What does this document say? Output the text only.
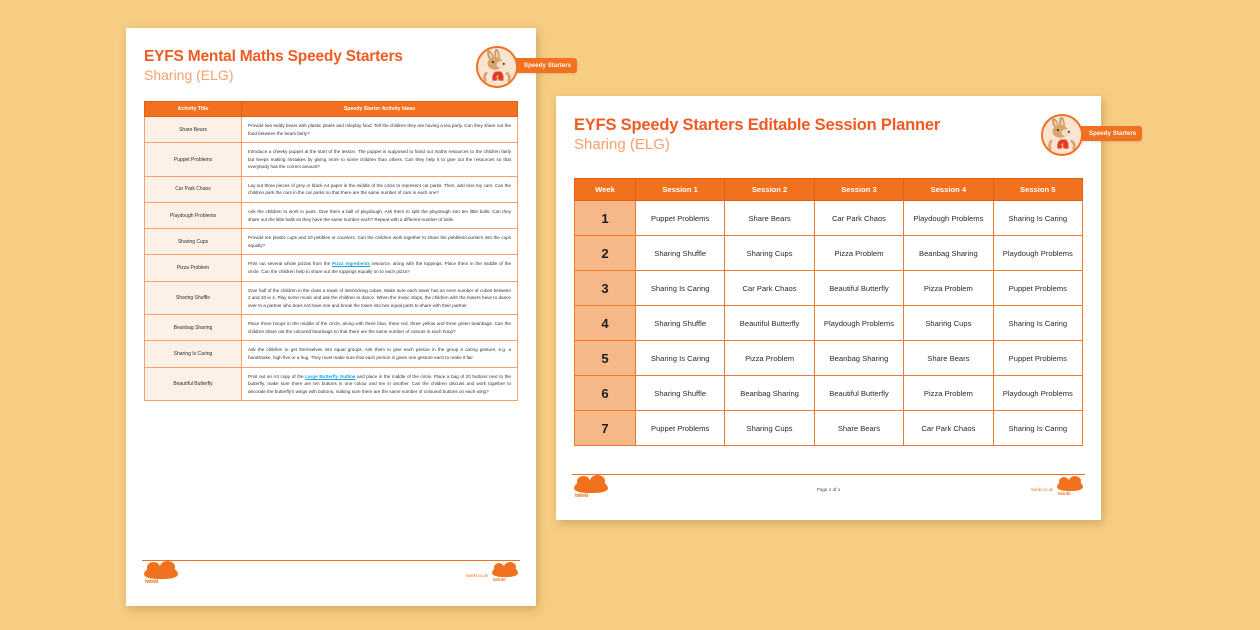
EYFS Mental Maths Speedy Starters
Sharing (ELG)
Speedy Starters
1
Activity Title	Speedy Starter Activity Ideas
Share Bears	Provide two teddy bears with plastic plates and roleplay food. Tell the children they are having a tea party. Can they share out the food between the bears fairly?

Puppet Problems	Introduce a cheeky puppet at the start of the lesson. The puppet is supposed to hand out maths resources to the children fairly but keeps making mistakes by giving more to some children than others. Can they help it to give out the resources so that everybody has the correct amount?

Car Park Chaos	Lay out three pieces of grey or black A4 paper in the middle of the circle to represent car parks. Then, add nine toy cars. Can the children park the cars in the car parks so that there are the same number of cars in each one?

Playdough Problems	Ask the children to work in pairs. Give them a ball of playdough. Ask them to split the playdough into ten little balls. Can they share out the little balls so they have the same number each? Repeat with a different number of balls.

Sharing Cups	Provide ten plastic cups and 20 pebbles or counters. Can the children work together to share the pebbles/counters into the cups equally?

Pizza Problem	Print out several whole pizzas from the Pizza Ingredients resource, along with the toppings. Place them in the middle of the circle. Can the children help to share out the toppings equally on to each pizza?

Sharing Shuffle	Give half of the children in the class a tower of interlocking cubes. Make sure each tower has an even number of cubes between 2 and 20 ie 4. Play some music and ask the children to dance. When the music stops, the children with the towers have to dance over to a partner who does not have one and break the tower into two equal parts to share with their partner.

Beanbag Sharing	Place three hoops in the middle of the circle, along with three blue, three red, three yellow and three green beanbags. Can the children share out the coloured beanbags so that there are the same number of colours in each hoop?

Sharing Is Caring	Ask the children to get themselves into equal groups. Ask them to give each person in the group a caring gesture, e.g. a handshake, high five or a hug. They must make sure that each person is given one gesture each to make it fair.

Beautiful Butterfly	Print out an A3 copy of the Large Butterfly Outline and place in the middle of the circle. Place a bag of 20 buttons next to the butterfly, make sure there are ten buttons in one colour and ten in another. Can the children discuss and work together to decorate the butterfly's wings with buttons, making sure there are the same number of coloured buttons on each wing?

twinkl
twinkl.co.uk
twinkl
EYFS Speedy Starters Editable Session Planner
Sharing (ELG)
Speedy Starters
1
Week	Session 1	Session 2	Session 3	Session 4	Session 5
1	Puppet Problems	Share Bears	Car Park Chaos	Playdough Problems	Sharing Is Caring
2	Sharing Shuffle	Sharing Cups	Pizza Problem	Beanbag Sharing	Playdough Problems
3	Sharing Is Caring	Car Park Chaos	Beautiful Butterfly	Pizza Problem	Puppet Problems
4	Sharing Shuffle	Beautiful Butterfly	Playdough Problems	Sharing Cups	Sharing Is Caring
5	Sharing Is Caring	Pizza Problem	Beanbag Sharing	Share Bears	Puppet Problems
6	Sharing Shuffle	Beanbag Sharing	Beautiful Butterfly	Pizza Problem	Playdough Problems
7	Puppet Problems	Sharing Cups	Share Bears	Car Park Chaos	Sharing Is Caring
twinkl
Page 1 of 1	twinkl.co.uk
twinkl
